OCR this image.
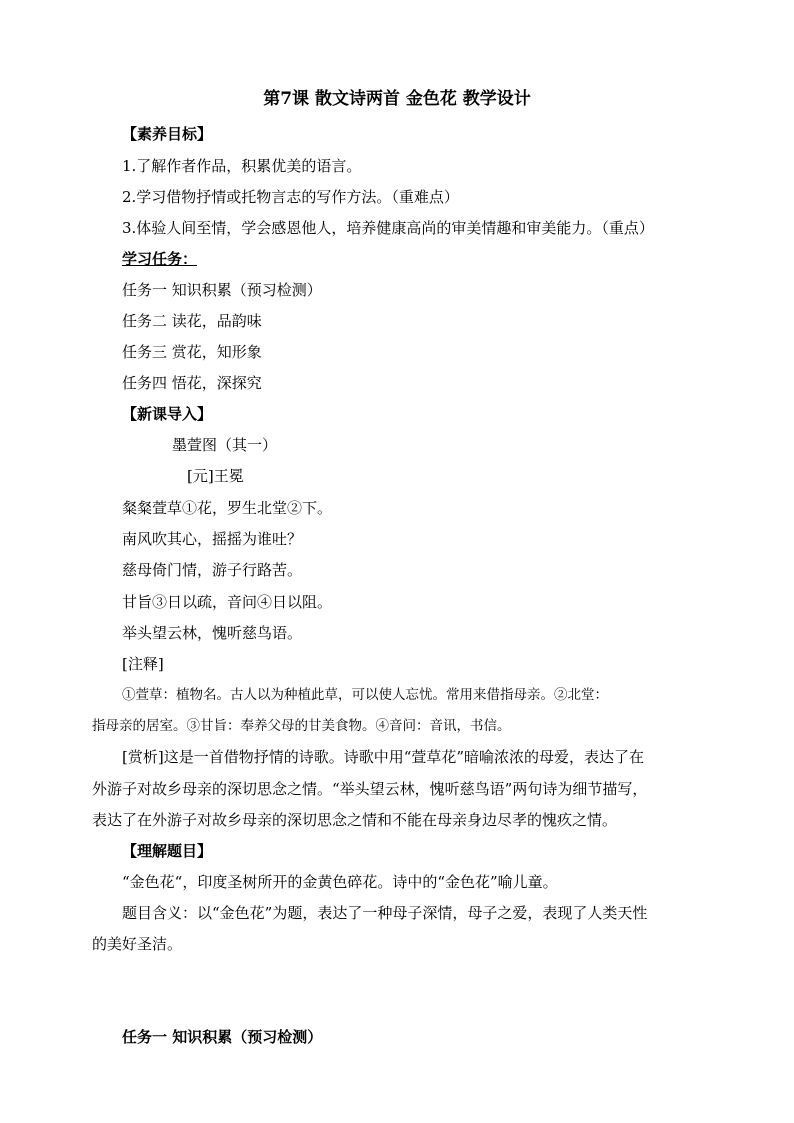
第7课 散文诗两首 金色花 教学设计
【素养目标】
1.了解作者作品，积累优美的语言。
2.学习借物抒情或托物言志的写作方法。（重难点）
3.体验人间至情，学会感恩他人，培养健康高尚的审美情趣和审美能力。（重点）
学习任务：
任务一 知识积累（预习检测）
任务二 读花，品韵味
任务三 赏花，知形象
任务四 悟花，深探究
【新课导入】
墨萱图（其一）
[元]王冕
粲粲萱草①花，罗生北堂②下。
南风吹其心，摇摇为谁吐？
慈母倚门情，游子行路苦。
甘旨③日以疏，音问④日以阻。
举头望云林，愧听慈鸟语。
[注释]
①萱草：植物名。古人以为种植此草，可以使人忘忧。常用来借指母亲。②北堂：
指母亲的居室。③甘旨：奉养父母的甘美食物。④音问：音讯，书信。
[赏析]这是一首借物抒情的诗歌。诗歌中用“萱草花”暗喻浓浓的母爱，表达了在
外游子对故乡母亲的深切思念之情。“举头望云林，愧听慈鸟语”两句诗为细节描写，
表达了在外游子对故乡母亲的深切思念之情和不能在母亲身边尽孝的愧疚之情。
【理解题目】
“金色花“，印度圣树所开的金黄色碎花。诗中的“金色花”喻儿童。
题目含义：以“金色花”为题，表达了一种母子深情，母子之爱，表现了人类天性
的美好圣洁。
任务一 知识积累（预习检测）
